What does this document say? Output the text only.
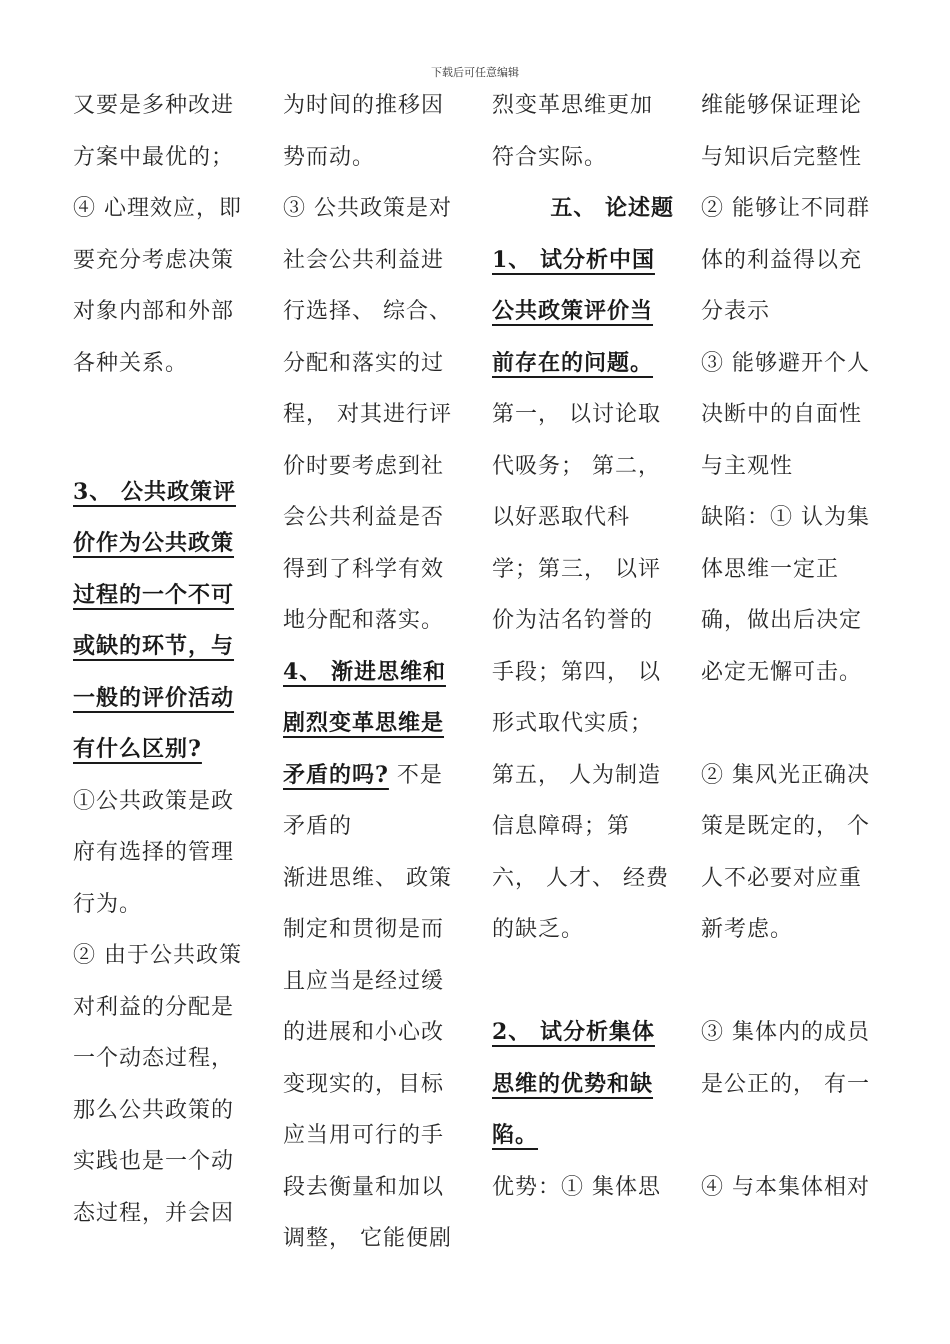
下载后可任意编辑

又要是多种改进方案中最优的；

④ 心理效应，即要充分考虑决策对象内部和外部各种关系。

3、 公共政策评价作为公共政策过程的一个不可或缺的环节，与一般的评价活动有什么区别?

①公共政策是政府有选择的管理行为。

② 由于公共政策对利益的分配是一个动态过程，那么公共政策的实践也是一个动态过程，并会因

为时间的推移因势而动。

③ 公共政策是对社会公共利益进行选择、 综合、分配和落实的过程， 对其进行评价时要考虑到社会公共利益是否得到了科学有效地分配和落实。

4、 渐进思维和剧烈变革思维是矛盾的吗? 不是矛盾的

渐进思维、 政策制定和贯彻是而且应当是经过缓的进展和小心改变现实的，目标应当用可行的手段去衡量和加以调整， 它能便剧

烈变革思维更加符合实际。

五、 论述题

1、 试分析中国公共政策评价当前存在的问题。

第一， 以讨论取代吸务； 第二， 以好恶取代科学；第三， 以评价为沽名钓誉的手段；第四， 以形式取代实质； 第五， 人为制造信息障碍；第六， 人才、 经费的缺乏。

2、 试分析集体思维的优势和缺陷。

优势：① 集体思

维能够保证理论与知识后完整性

② 能够让不同群体的利益得以充分表示

③ 能够避开个人决断中的自面性与主观性

缺陷：① 认为集体思维一定正确，做出后决定必定无懈可击。

② 集风光正确决策是既定的， 个人不必要对应重新考虑。

③ 集体内的成员是公正的， 有一

④ 与本集体相对
